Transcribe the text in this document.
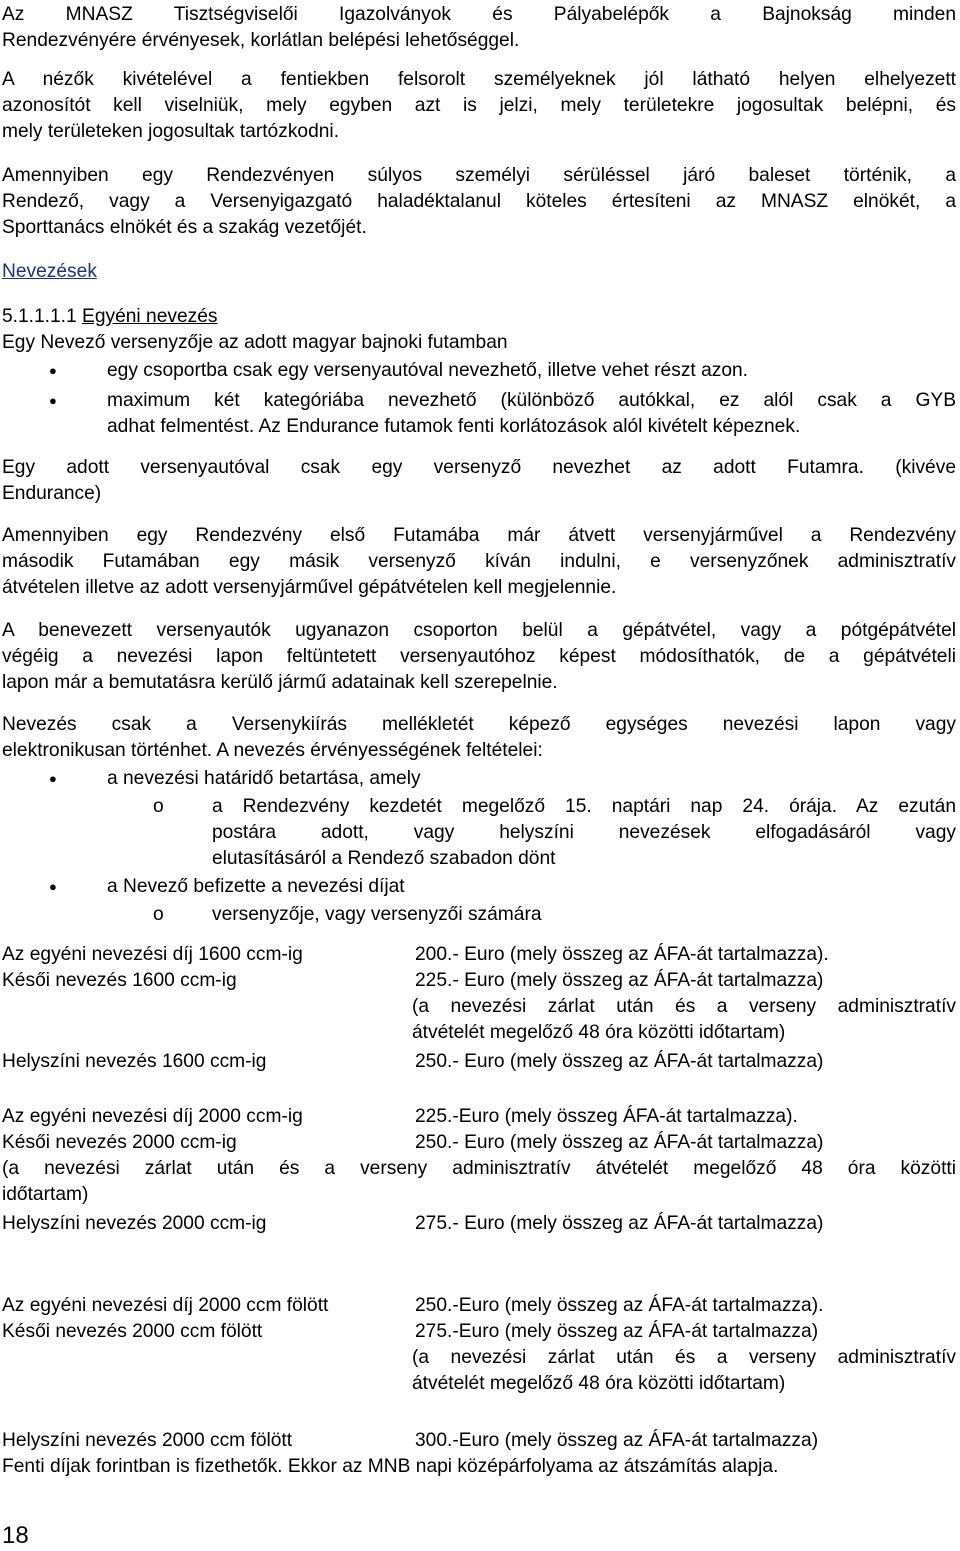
Az MNASZ Tisztségviselői Igazolványok és Pályabelépők a Bajnokság minden
Rendezvényére érvényesek, korlátlan belépési lehetőséggel.
A nézők kivételével a fentiekben felsorolt személyeknek jól látható helyen elhelyezett
azonosítót kell viselniük, mely egyben azt is jelzi, mely területekre jogosultak belépni, és
mely területeken jogosultak tartózkodni.
Amennyiben egy Rendezvényen súlyos személyi sérüléssel járó baleset történik, a
Rendező, vagy a Versenyigazgató haladéktalanul köteles értesíteni az MNASZ elnökét, a
Sporttanács elnökét és a szakág vezetőjét.
Nevezések
5.1.1.1.1 Egyéni nevezés
Egy Nevező versenyzője az adott magyar bajnoki futamban
●	egy csoportba csak egy versenyautóval nevezhető, illetve vehet részt azon.
●	maximum két kategóriába nevezhető (különböző autókkal, ez alól csak a GYB
adhat felmentést. Az Endurance futamok fenti korlátozások alól kivételt képeznek.
Egy adott versenyautóval csak egy versenyző nevezhet az adott Futamra. (kivéve
Endurance)
Amennyiben egy Rendezvény első Futamába már átvett versenyjárművel a Rendezvény
második Futamában egy másik versenyző kíván indulni, e versenyzőnek adminisztratív
átvételen illetve az adott versenyjárművel gépátvételen kell megjelennie.
A benevezett versenyautók ugyanazon csoporton belül a gépátvétel, vagy a pótgépátvétel
végéig a nevezési lapon feltüntetett versenyautóhoz képest módosíthatók, de a gépátvételi
lapon már a bemutatásra kerülő jármű adatainak kell szerepelnie.
Nevezés csak a Versenykiírás mellékletét képező egységes nevezési lapon vagy
elektronikusan történhet. A nevezés érvényességének feltételei:
●	a nevezési határidő betartása, amely
o	a Rendezvény kezdetét megelőző 15. naptári nap 24. órája. Az ezután
postára adott, vagy helyszíni nevezések elfogadásáról vagy
elutasításáról a Rendező szabadon dönt
●	a Nevező befizette a nevezési díjat
o	versenyzője, vagy versenyzői számára
Az egyéni nevezési díj 1600 ccm-ig	200.- Euro (mely összeg az ÁFA-át tartalmazza).
Késői nevezés 1600 ccm-ig	225.- Euro (mely összeg az ÁFA-át tartalmazza)
(a nevezési zárlat után és a verseny adminisztratív
átvételét megelőző 48 óra közötti időtartam)
Helyszíni nevezés 1600 ccm-ig	250.- Euro (mely összeg az ÁFA-át tartalmazza)
Az egyéni nevezési díj 2000 ccm-ig	225.-Euro (mely összeg ÁFA-át tartalmazza).
Késői nevezés 2000 ccm-ig	250.- Euro (mely összeg az ÁFA-át tartalmazza)
(a nevezési zárlat után és a verseny adminisztratív átvételét megelőző 48 óra közötti
időtartam)
Helyszíni nevezés 2000 ccm-ig	275.- Euro (mely összeg az ÁFA-át tartalmazza)
Az egyéni nevezési díj 2000 ccm fölött	250.-Euro (mely összeg az ÁFA-át tartalmazza).
Késői nevezés 2000 ccm fölött	275.-Euro (mely összeg az ÁFA-át tartalmazza)
(a nevezési zárlat után és a verseny adminisztratív
átvételét megelőző 48 óra közötti időtartam)
Helyszíni nevezés 2000 ccm fölött	300.-Euro (mely összeg az ÁFA-át tartalmazza)
Fenti díjak forintban is fizethetők. Ekkor az MNB napi középárfolyama az átszámítás alapja.
18
